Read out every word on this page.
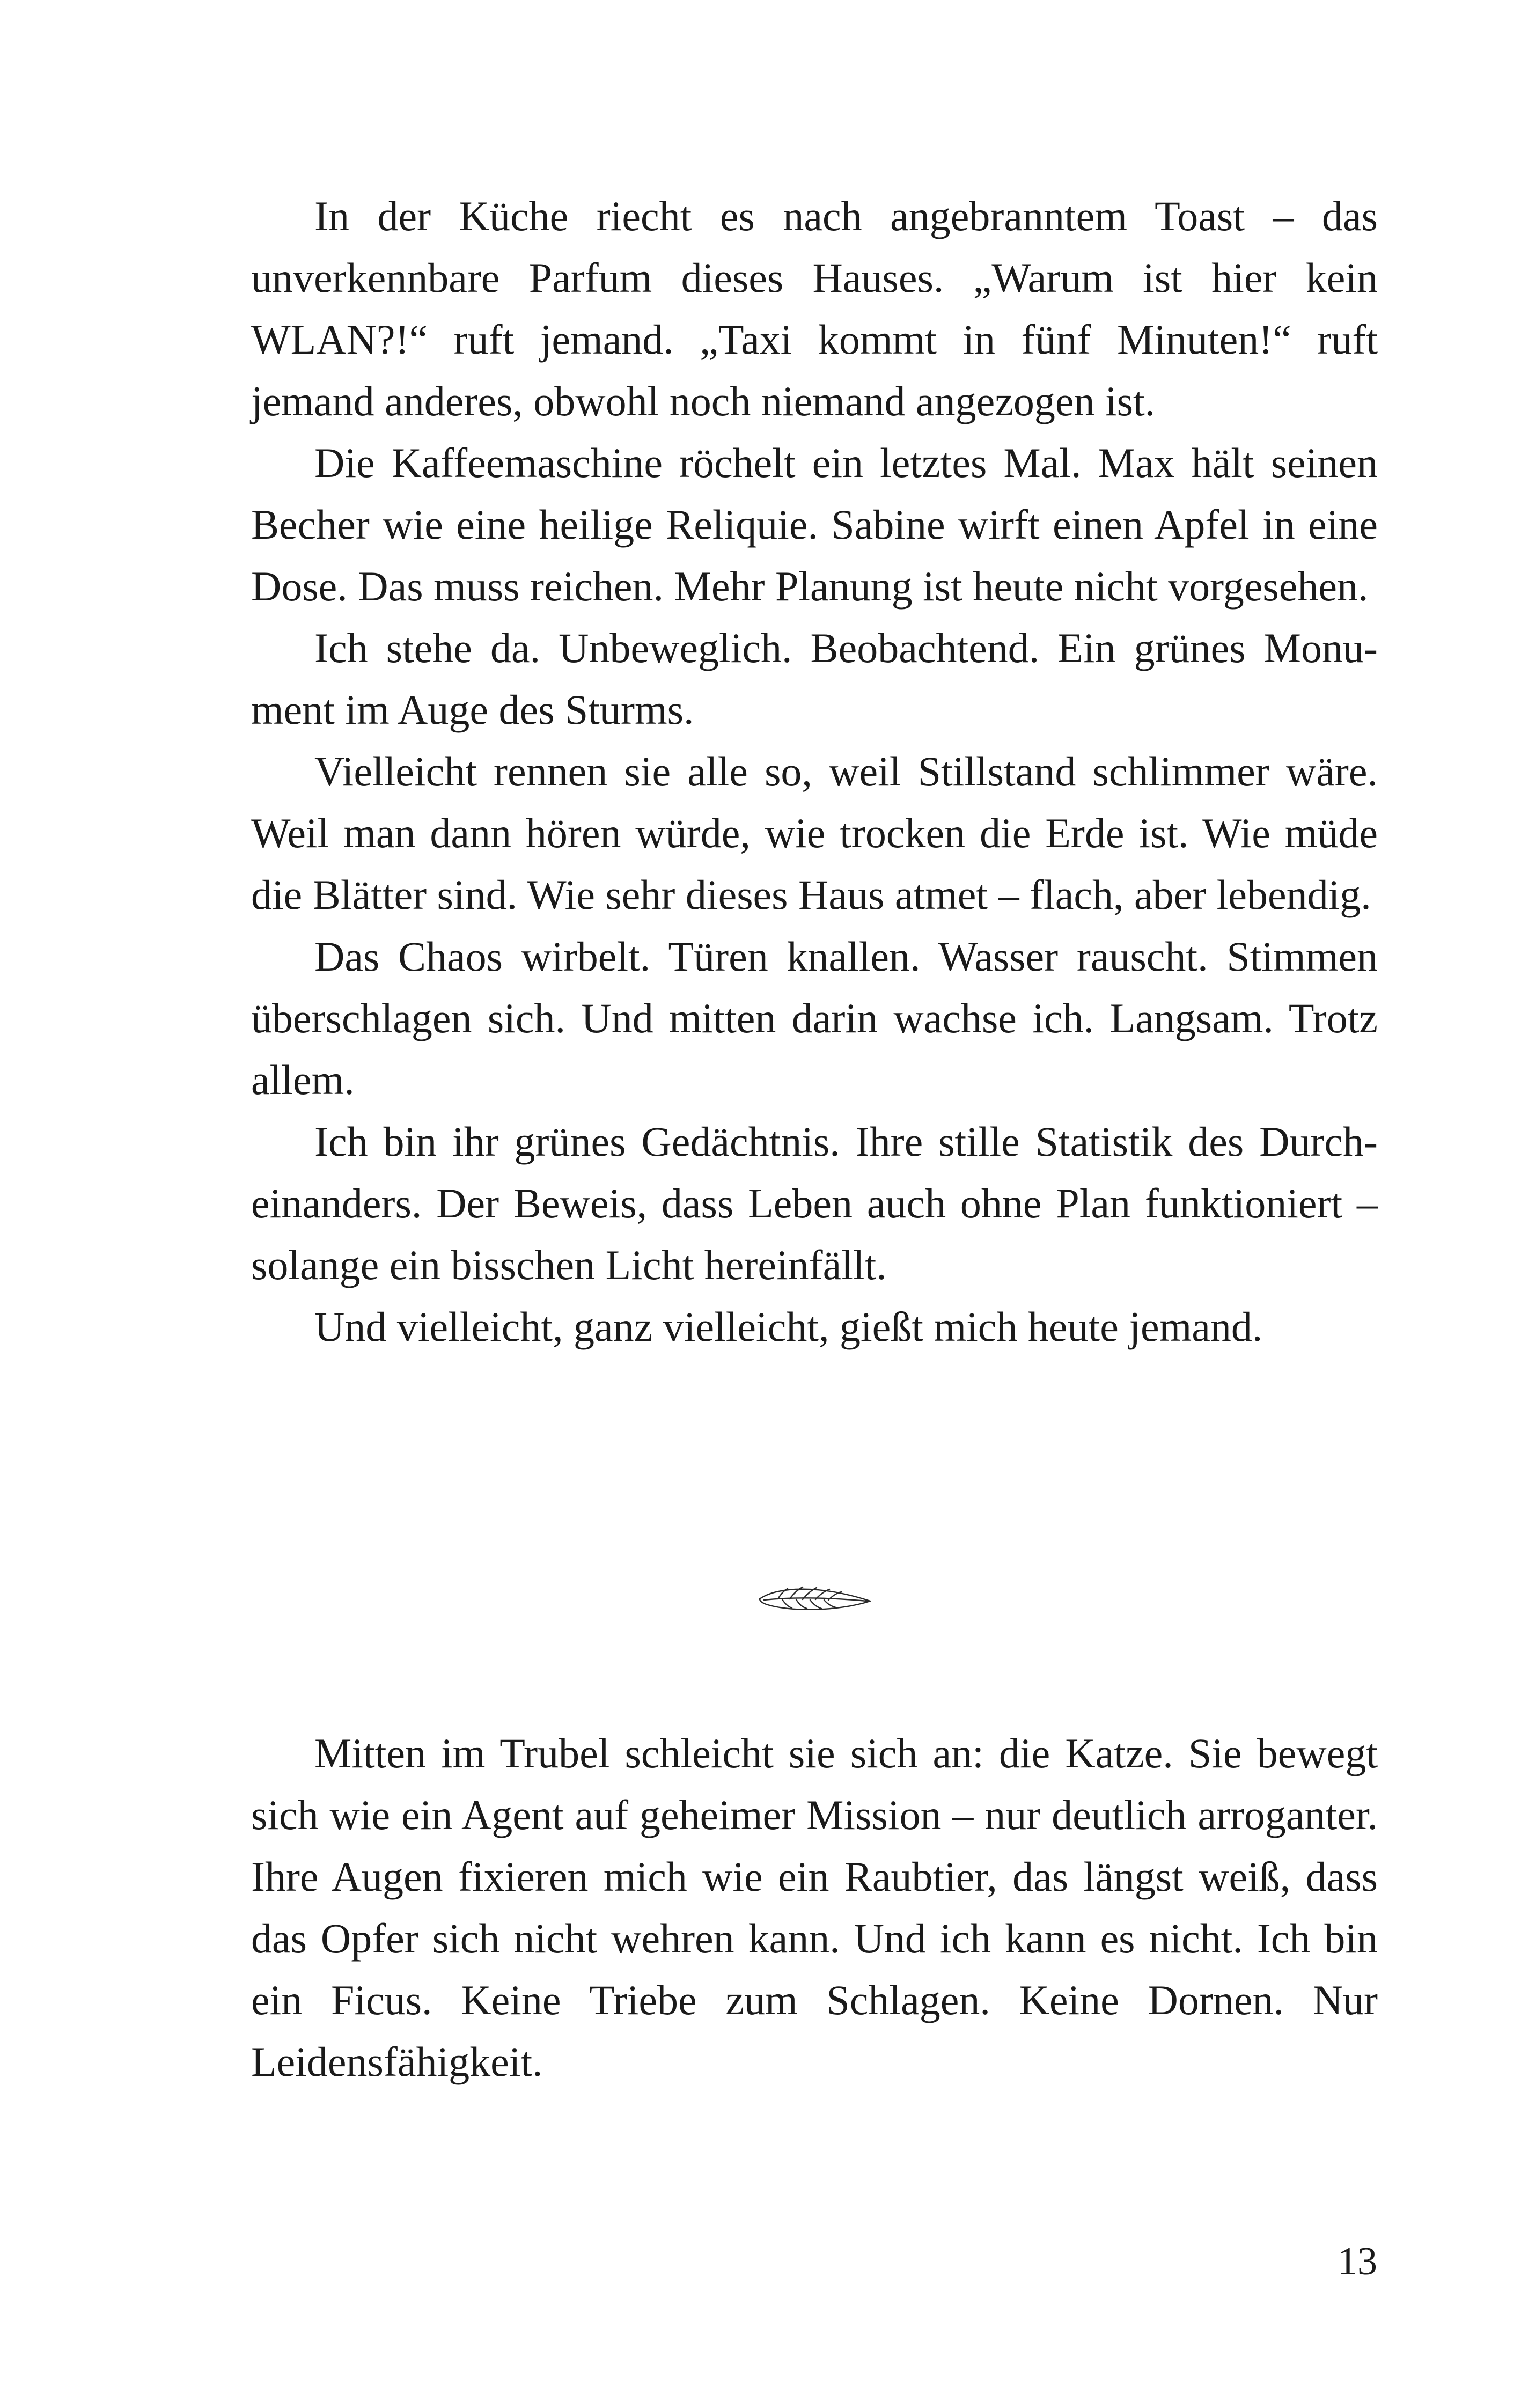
In der Küche riecht es nach angebranntem Toast – das unverkennbare Parfum dieses Hauses. „Warum ist hier kein WLAN?!“ ruft jemand. „Taxi kommt in fünf Minuten!“ ruft jemand anderes, obwohl noch niemand angezogen ist.

Die Kaffeemaschine röchelt ein letztes Mal. Max hält seinen Becher wie eine heilige Reliquie. Sabine wirft einen Apfel in eine Dose. Das muss reichen. Mehr Planung ist heute nicht vorgesehen.

Ich stehe da. Unbeweglich. Beobachtend. Ein grünes Monument im Auge des Sturms.

Vielleicht rennen sie alle so, weil Stillstand schlimmer wäre. Weil man dann hören würde, wie trocken die Erde ist. Wie müde die Blätter sind. Wie sehr dieses Haus atmet – flach, aber lebendig.

Das Chaos wirbelt. Türen knallen. Wasser rauscht. Stimmen überschlagen sich. Und mitten darin wachse ich. Langsam. Trotz allem.

Ich bin ihr grünes Gedächtnis. Ihre stille Statistik des Durcheinanders. Der Beweis, dass Leben auch ohne Plan funktioniert – solange ein bisschen Licht hereinfällt.

Und vielleicht, ganz vielleicht, gießt mich heute jemand.

Mitten im Trubel schleicht sie sich an: die Katze. Sie bewegt sich wie ein Agent auf geheimer Mission – nur deutlich arroganter. Ihre Augen fixieren mich wie ein Raubtier, das längst weiß, dass das Opfer sich nicht wehren kann. Und ich kann es nicht. Ich bin ein Ficus. Keine Triebe zum Schlagen. Keine Dornen. Nur Leidensfähigkeit.

13
